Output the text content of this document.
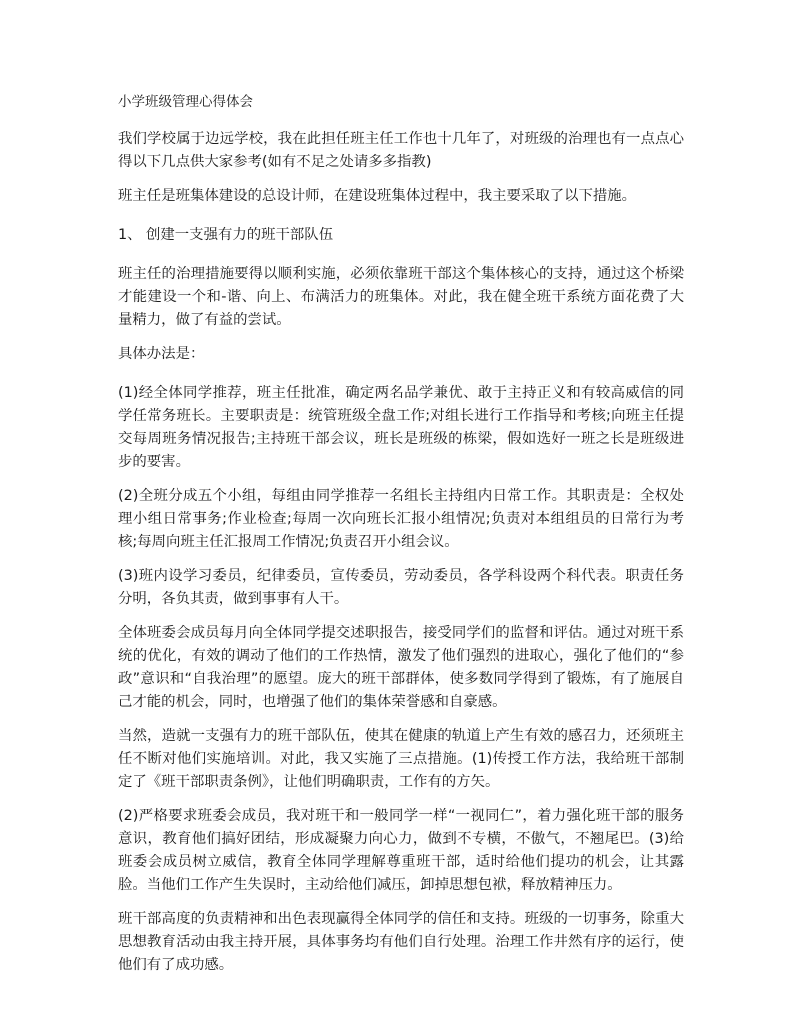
小学班级管理心得体会

我们学校属于边远学校，我在此担任班主任工作也十几年了，对班级的治理也有一点点心得以下几点供大家参考(如有不足之处请多多指教)

班主任是班集体建设的总设计师，在建设班集体过程中，我主要采取了以下措施。

1、 创建一支强有力的班干部队伍

班主任的治理措施要得以顺利实施，必须依靠班干部这个集体核心的支持，通过这个桥梁才能建设一个和-谐、向上、布满活力的班集体。对此，我在健全班干系统方面花费了大量精力，做了有益的尝试。

具体办法是：

(1)经全体同学推荐，班主任批准，确定两名品学兼优、敢于主持正义和有较高威信的同学任常务班长。主要职责是：统管班级全盘工作;对组长进行工作指导和考核;向班主任提交每周班务情况报告;主持班干部会议，班长是班级的栋梁，假如选好一班之长是班级进步的要害。

(2)全班分成五个小组，每组由同学推荐一名组长主持组内日常工作。其职责是：全权处理小组日常事务;作业检查;每周一次向班长汇报小组情况;负责对本组组员的日常行为考核;每周向班主任汇报周工作情况;负责召开小组会议。

(3)班内设学习委员，纪律委员，宣传委员，劳动委员，各学科设两个科代表。职责任务分明，各负其责，做到事事有人干。

全体班委会成员每月向全体同学提交述职报告，接受同学们的监督和评估。通过对班干系统的优化，有效的调动了他们的工作热情，激发了他们强烈的进取心，强化了他们的“参政”意识和“自我治理”的愿望。庞大的班干部群体，使多数同学得到了锻炼，有了施展自己才能的机会，同时，也增强了他们的集体荣誉感和自豪感。

当然，造就一支强有力的班干部队伍，使其在健康的轨道上产生有效的感召力，还须班主任不断对他们实施培训。对此，我又实施了三点措施。(1)传授工作方法，我给班干部制定了《班干部职责条例》，让他们明确职责，工作有的方矢。

(2)严格要求班委会成员，我对班干和一般同学一样“一视同仁”，着力强化班干部的服务意识，教育他们搞好团结，形成凝聚力向心力，做到不专横，不傲气，不翘尾巴。(3)给班委会成员树立威信，教育全体同学理解尊重班干部，适时给他们提功的机会，让其露脸。当他们工作产生失误时，主动给他们减压，卸掉思想包袱，释放精神压力。

班干部高度的负责精神和出色表现赢得全体同学的信任和支持。班级的一切事务，除重大思想教育活动由我主持开展，具体事务均有他们自行处理。治理工作井然有序的运行，使他们有了成功感。
